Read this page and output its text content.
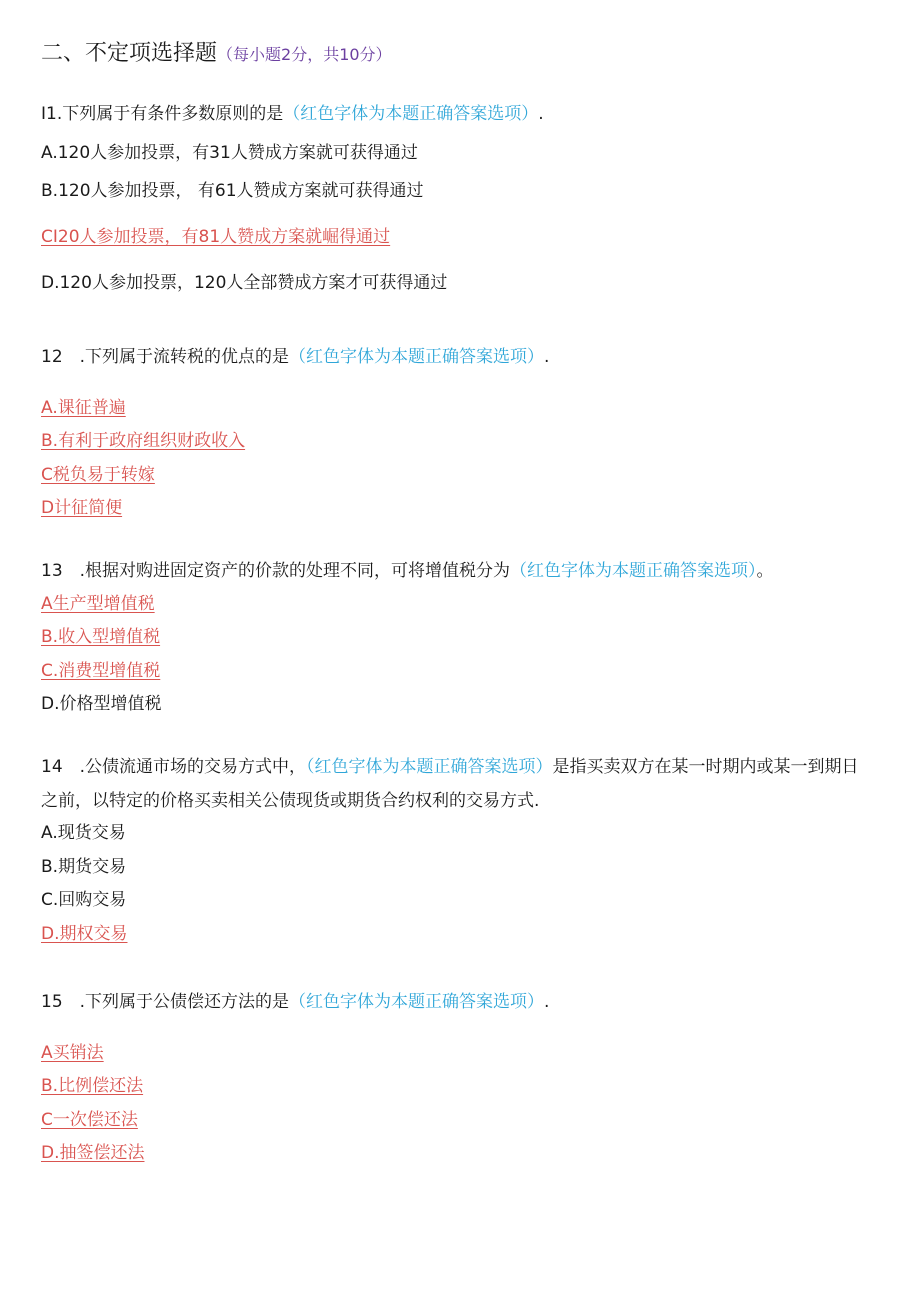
二、不定项选择题（每小题2分，共10分）
I1.下列属于有条件多数原则的是（红色字体为本题正确答案选项）.
A.120人参加投票，有31人赞成方案就可获得通过
B.120人参加投票， 有61人赞成方案就可获得通过
CI20人参加投票，有81人赞成方案就崛得通过
D.120人参加投票，120人全部赞成方案才可获得通过
12　.下列属于流转税的优点的是（红色字体为本题正确答案选项）.
A.课征普遍
B.有利于政府组织财政收入
C税负易于转嫁
D计征简便
13　.根据对购进固定资产的价款的处理不同，可将增值税分为（红色字体为本题正确答案选项）。
A生产型增值税
B.收入型增值税
C.消费型增值税
D.价格型增值税
14　.公债流通市场的交易方式中，（红色字体为本题正确答案选项）是指买卖双方在某一时期内或某一到期日之前，以特定的价格买卖相关公债现货或期货合约权利的交易方式.
A.现货交易
B.期货交易
C.回购交易
D.期权交易
15　.下列属于公债偿还方法的是（红色字体为本题正确答案选项）.
A买销法
B.比例偿还法
C一次偿还法
D.抽签偿还法
